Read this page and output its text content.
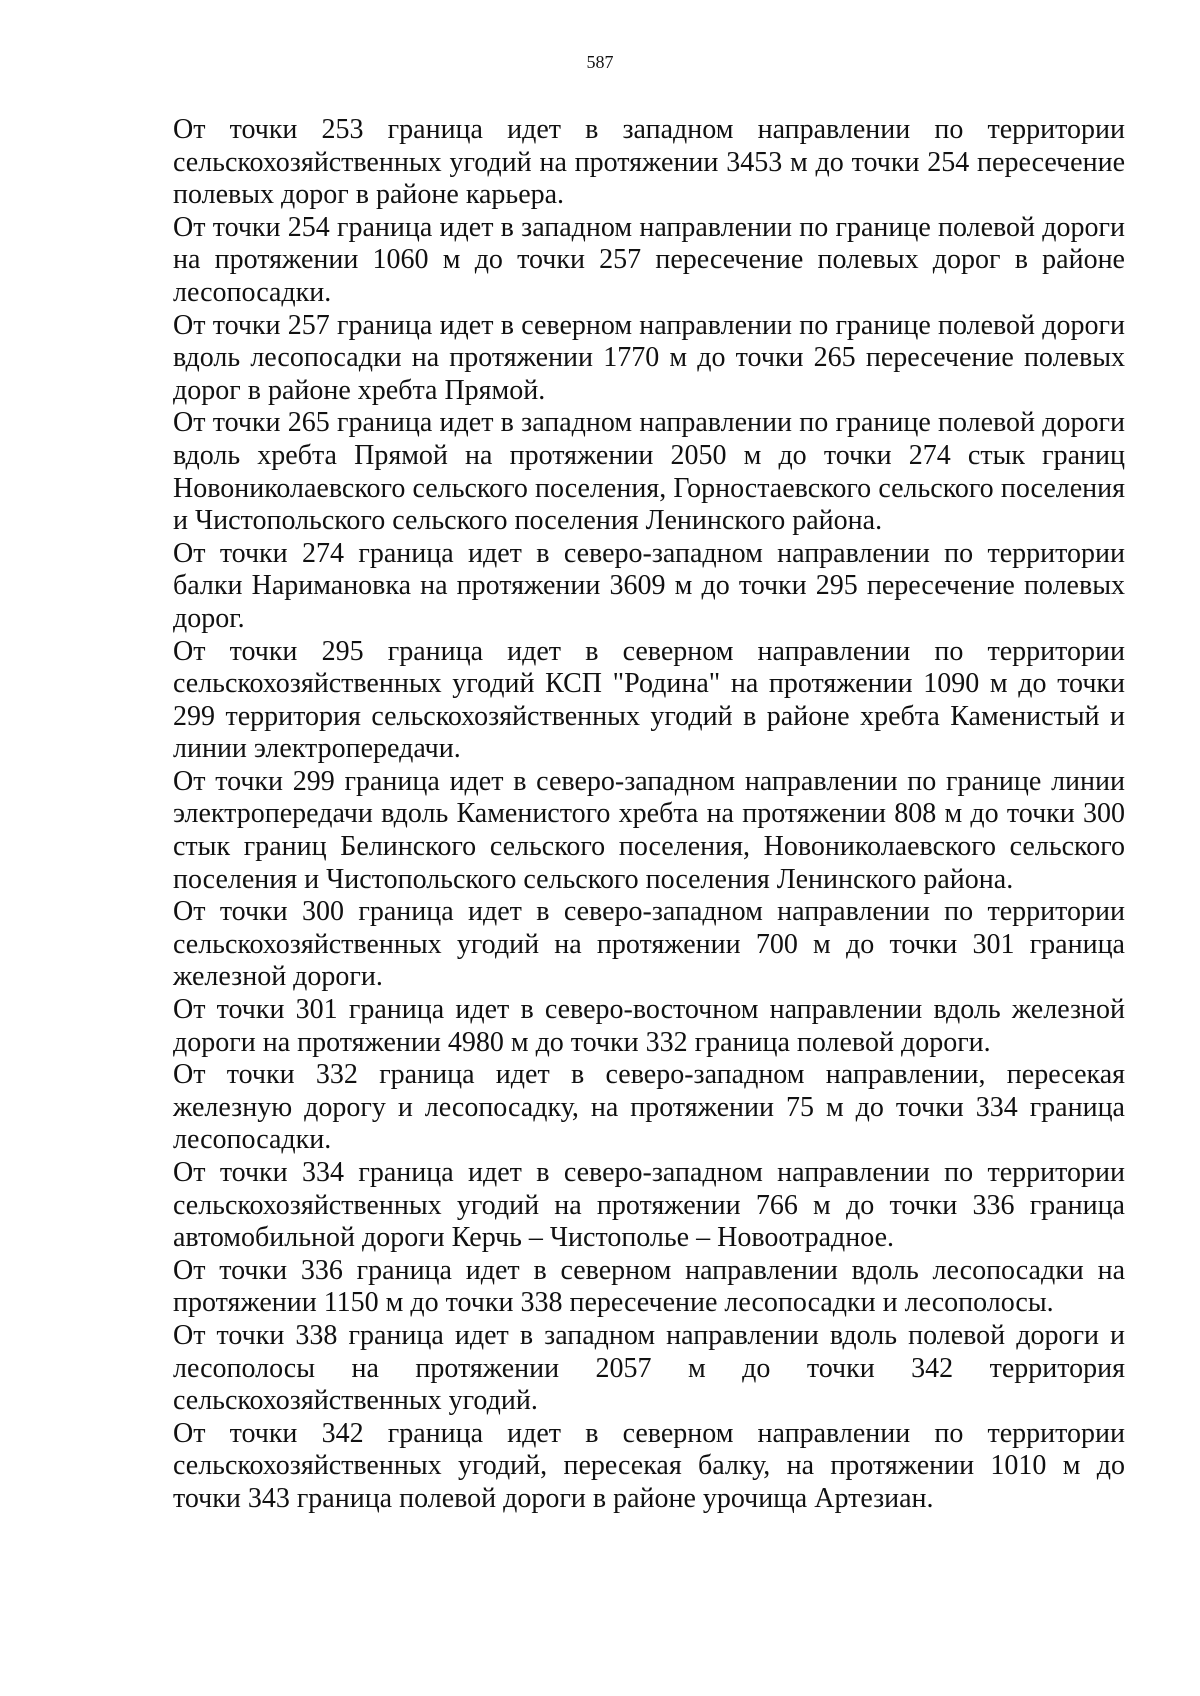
587

От точки 253 граница идет в западном направлении по территории сельскохозяйственных угодий на протяжении 3453 м до точки 254 пересечение полевых дорог в районе карьера.

От точки 254 граница идет в западном направлении по границе полевой дороги на протяжении 1060 м до точки 257 пересечение полевых дорог в районе лесопосадки.

От точки 257 граница идет в северном направлении по границе полевой дороги вдоль лесопосадки на протяжении 1770 м до точки 265 пересечение полевых дорог в районе хребта Прямой.

От точки 265 граница идет в западном направлении по границе полевой дороги вдоль хребта Прямой на протяжении 2050 м до точки 274 стык границ Новониколаевского сельского поселения, Горностаевского сельского поселения и Чистопольского сельского поселения Ленинского района.

От точки 274 граница идет в северо-западном направлении по территории балки Наримановка на протяжении 3609 м до точки 295 пересечение полевых дорог.

От точки 295 граница идет в северном направлении по территории сельскохозяйственных угодий КСП "Родина" на протяжении 1090 м до точки 299 территория сельскохозяйственных угодий в районе хребта Каменистый и линии электропередачи.

От точки 299 граница идет в северо-западном направлении по границе линии электропередачи вдоль Каменистого хребта на протяжении 808 м до точки 300 стык границ Белинского сельского поселения, Новониколаевского сельского поселения и Чистопольского сельского поселения Ленинского района.

От точки 300 граница идет в северо-западном направлении по территории сельскохозяйственных угодий на протяжении 700 м до точки 301 граница железной дороги.

От точки 301 граница идет в северо-восточном направлении вдоль железной дороги на протяжении 4980 м до точки 332 граница полевой дороги.

От точки 332 граница идет в северо-западном направлении, пересекая железную дорогу и лесопосадку, на протяжении 75 м до точки 334 граница лесопосадки.

От точки 334 граница идет в северо-западном направлении по территории сельскохозяйственных угодий на протяжении 766 м до точки 336 граница автомобильной дороги Керчь – Чистополье – Новоотрадное.

От точки 336 граница идет в северном направлении вдоль лесопосадки на протяжении 1150 м до точки 338 пересечение лесопосадки и лесополосы.

От точки 338 граница идет в западном направлении вдоль полевой дороги и лесополосы на протяжении 2057 м до точки 342 территория сельскохозяйственных угодий.

От точки 342 граница идет в северном направлении по территории сельскохозяйственных угодий, пересекая балку, на протяжении 1010 м до точки 343 граница полевой дороги в районе урочища Артезиан.
